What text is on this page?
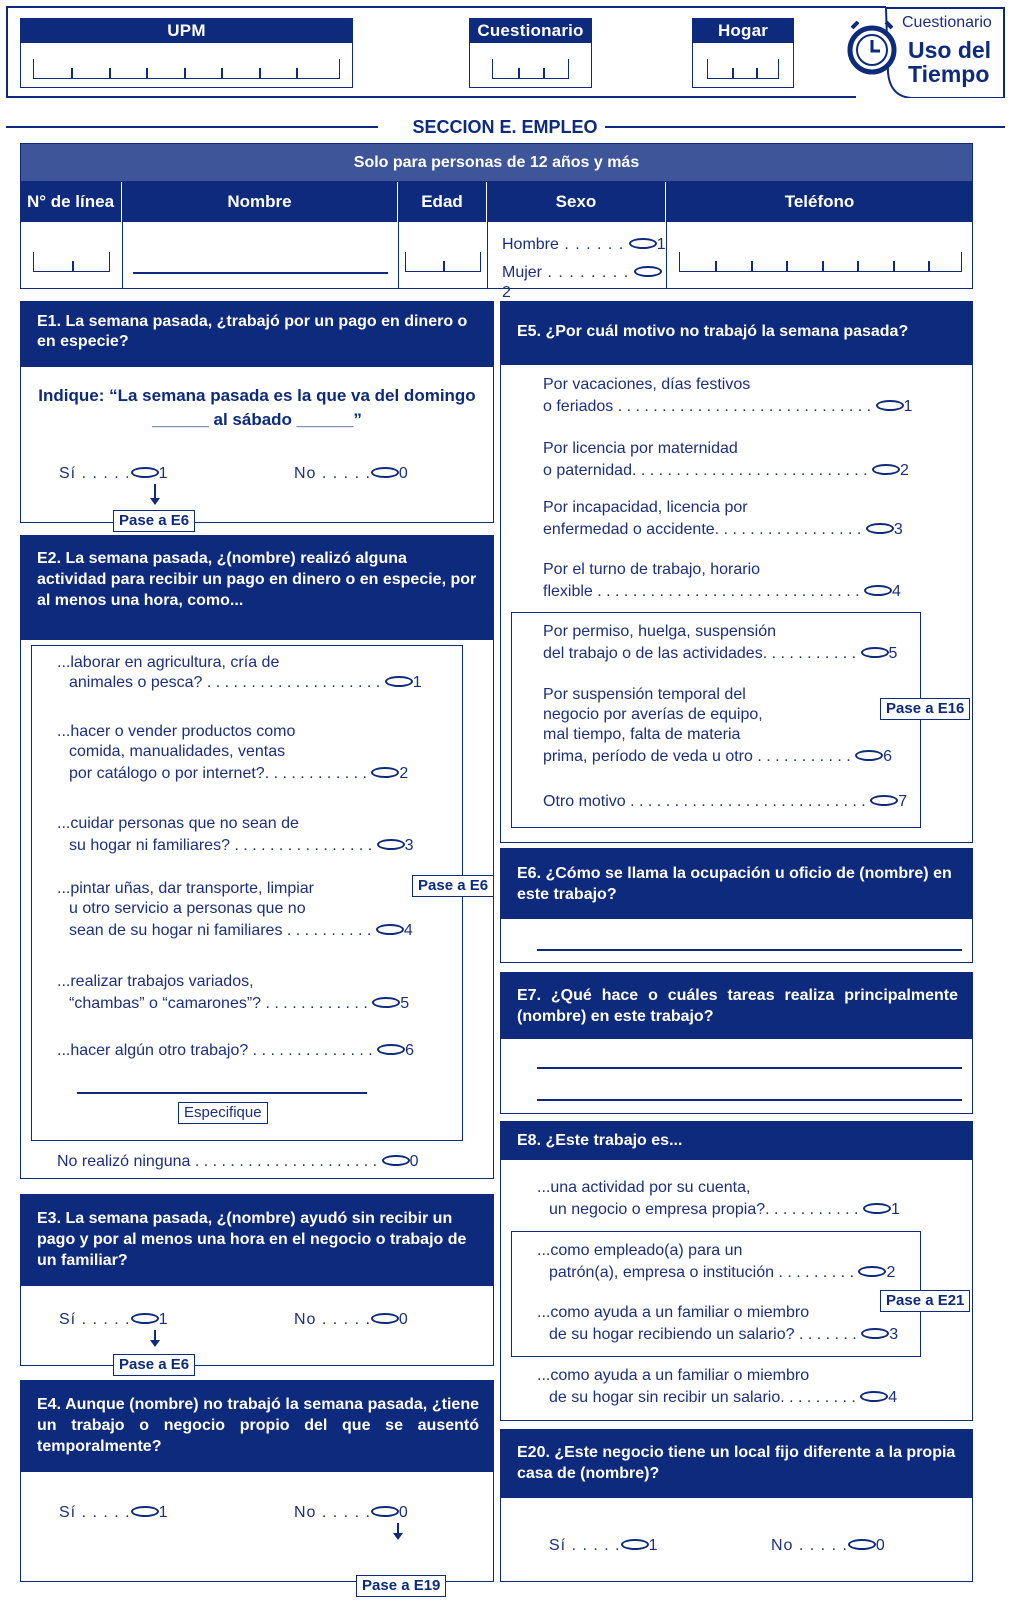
UPM	Cuestionario	Hogar	Cuestionario
Uso del
Tiempo
SECCION E. EMPLEO
Solo para personas de 12 años y más
N° de línea	Nombre	Edad	Sexo	Teléfono
Hombre . . . . . . 1
Mujer . . . . . . . . 2
E1. La semana pasada, ¿trabajó por un pago en dinero o en especie?
Indique: “La semana pasada es la que va del domingo
______ al sábado ______”
Sí . . . . . 1	No . . . . . 0
Pase a E6
E2. La semana pasada, ¿(nombre) realizó alguna actividad para recibir un pago en dinero o en especie, por al menos una hora, como...
...laborar en agricultura, cría de
animales o pesca? . . . . . . . . . . . . . . . . . . . . 1
...hacer o vender productos como
comida, manualidades, ventas
por catálogo o por internet?. . . . . . . . . . . . 2
...cuidar personas que no sean de
su hogar ni familiares? . . . . . . . . . . . . . . . . 3
...pintar uñas, dar transporte, limpiar
u otro servicio a personas que no
sean de su hogar ni familiares . . . . . . . . . . 4
...realizar trabajos variados,
“chambas” o “camarones”? . . . . . . . . . . . . 5
...hacer algún otro trabajo? . . . . . . . . . . . . . . 6
Especifique
Pase a E6
No realizó ninguna . . . . . . . . . . . . . . . . . . . . . 0
E3. La semana pasada, ¿(nombre) ayudó sin recibir un pago y por al menos una hora en el negocio o trabajo de un familiar?
Sí . . . . . 1	No . . . . . 0
Pase a E6
E4. Aunque (nombre) no trabajó la semana pasada, ¿tiene un trabajo o negocio propio del que se ausentó temporalmente?
Sí . . . . . 1	No . . . . . 0
Pase a E19
E5. ¿Por cuál motivo no trabajó la semana pasada?
Por vacaciones, días festivos
o feriados . . . . . . . . . . . . . . . . . . . . . . . . . . . . . 1
Por licencia por maternidad
o paternidad. . . . . . . . . . . . . . . . . . . . . . . . . . . 2
Por incapacidad, licencia por
enfermedad o accidente. . . . . . . . . . . . . . . . . 3
Por el turno de trabajo, horario
flexible . . . . . . . . . . . . . . . . . . . . . . . . . . . . . . 4
Por permiso, huelga, suspensión
del trabajo o de las actividades. . . . . . . . . . . 5
Por suspensión temporal del
negocio por averías de equipo,
mal tiempo, falta de materia
prima, período de veda u otro . . . . . . . . . . . 6
Otro motivo . . . . . . . . . . . . . . . . . . . . . . . . . . . 7
Pase a E16
E6. ¿Cómo se llama la ocupación u oficio de (nombre) en este trabajo?
E7. ¿Qué hace o cuáles tareas realiza principalmente (nombre) en este trabajo?
E8. ¿Este trabajo es...
...una actividad por su cuenta,
un negocio o empresa propia?. . . . . . . . . . . 1
...como empleado(a) para un
patrón(a), empresa o institución . . . . . . . . . 2
...como ayuda a un familiar o miembro
de su hogar recibiendo un salario? . . . . . . . 3
...como ayuda a un familiar o miembro
de su hogar sin recibir un salario. . . . . . . . . 4
Pase a E21
E20. ¿Este negocio tiene un local fijo diferente a la propia casa de (nombre)?
Sí . . . . . 1	No . . . . . 0
